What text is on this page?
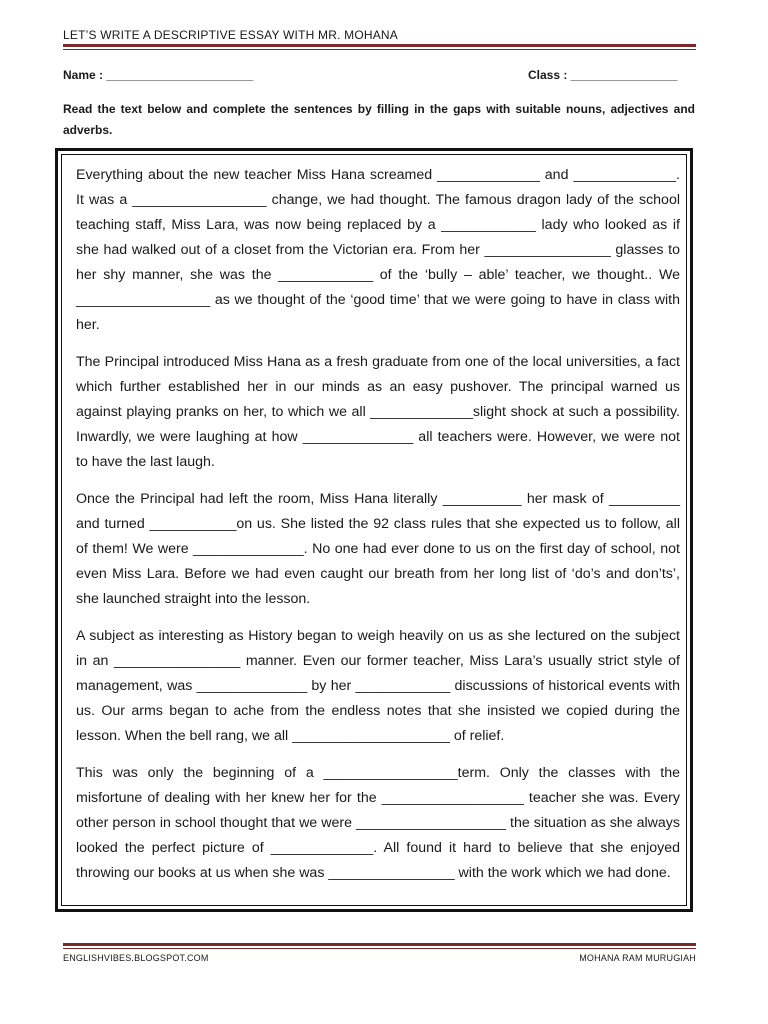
LET’S WRITE A DESCRIPTIVE ESSAY WITH MR. MOHANA
Name : ______________________	Class : ________________
Read the text below and complete the sentences by filling in the gaps with suitable nouns, adjectives and adverbs.

Everything about the new teacher Miss Hana screamed _____________ and _____________. It was a _________________ change, we had thought. The famous dragon lady of the school teaching staff, Miss Lara, was now being replaced by a ____________ lady who looked as if she had walked out of a closet from the Victorian era. From her ________________ glasses to her shy manner, she was the ____________ of the ‘bully – able’ teacher, we thought.. We _________________ as we thought of the ‘good time’ that we were going to have in class with her.

The Principal introduced Miss Hana as a fresh graduate from one of the local universities, a fact which further established her in our minds as an easy pushover. The principal warned us against playing pranks on her, to which we all _____________slight shock at such a possibility. Inwardly, we were laughing at how ______________ all teachers were. However, we were not to have the last laugh.

Once the Principal had left the room, Miss Hana literally __________ her mask of _________ and turned ___________on us. She listed the 92 class rules that she expected us to follow, all of them! We were ______________. No one had ever done to us on the first day of school, not even Miss Lara. Before we had even caught our breath from her long list of ‘do’s and don’ts’, she launched straight into the lesson.

A subject as interesting as History began to weigh heavily on us as she lectured on the subject in an ________________ manner. Even our former teacher, Miss Lara’s usually strict style of management, was ______________ by her ____________ discussions of historical events with us. Our arms began to ache from the endless notes that she insisted we copied during the lesson. When the bell rang, we all ____________________ of relief.

This was only the beginning of a _________________term. Only the classes with the misfortune of dealing with her knew her for the __________________ teacher she was. Every other person in school thought that we were ___________________ the situation as she always looked the perfect picture of _____________. All found it hard to believe that she enjoyed throwing our books at us when she was ________________ with the work which we had done.

ENGLISHVIBES.BLOGSPOT.COM	MOHANA RAM MURUGIAH
